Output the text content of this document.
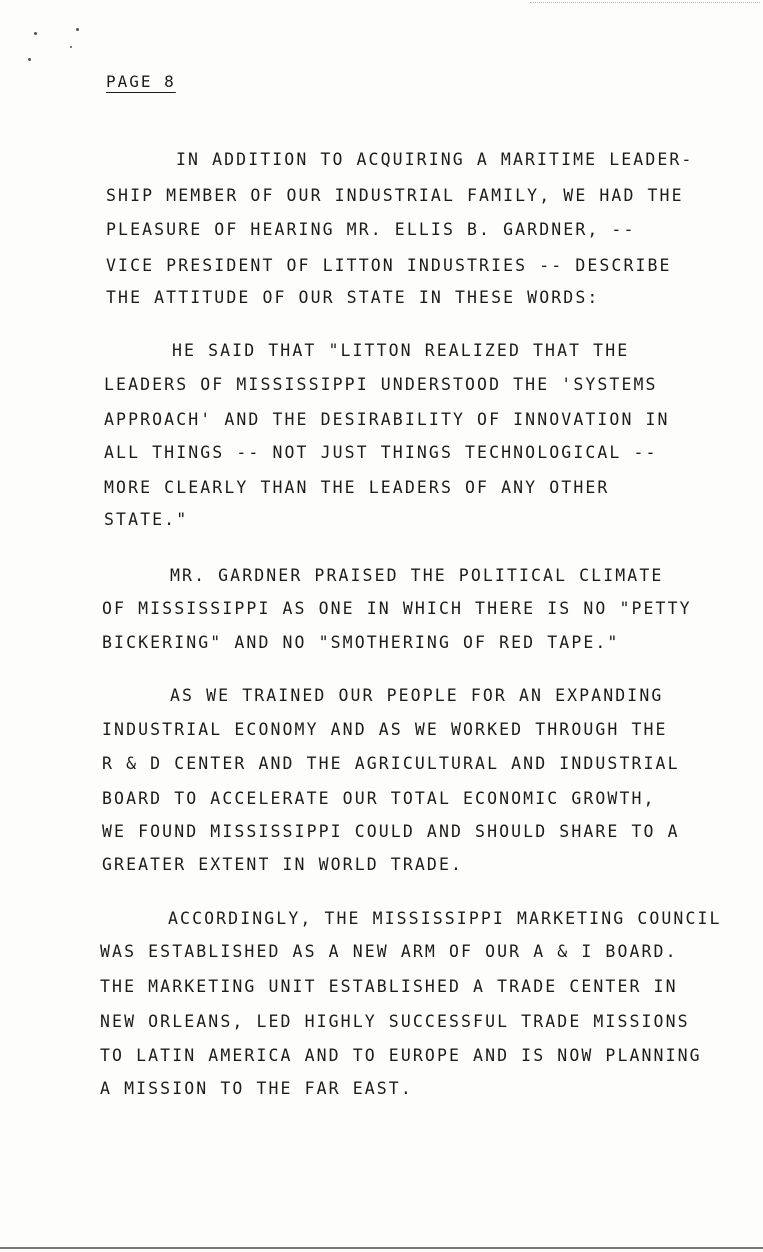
PAGE 8
IN ADDITION TO ACQUIRING A MARITIME LEADER-
SHIP MEMBER OF OUR INDUSTRIAL FAMILY, WE HAD THE
PLEASURE OF HEARING MR. ELLIS B. GARDNER, --
VICE PRESIDENT OF LITTON INDUSTRIES -- DESCRIBE
THE ATTITUDE OF OUR STATE IN THESE WORDS:
HE SAID THAT "LITTON REALIZED THAT THE
LEADERS OF MISSISSIPPI UNDERSTOOD THE 'SYSTEMS
APPROACH' AND THE DESIRABILITY OF INNOVATION IN
ALL THINGS -- NOT JUST THINGS TECHNOLOGICAL --
MORE CLEARLY THAN THE LEADERS OF ANY OTHER
STATE."
MR. GARDNER PRAISED THE POLITICAL CLIMATE
OF MISSISSIPPI AS ONE IN WHICH THERE IS NO "PETTY
BICKERING" AND NO "SMOTHERING OF RED TAPE."
AS WE TRAINED OUR PEOPLE FOR AN EXPANDING
INDUSTRIAL ECONOMY AND AS WE WORKED THROUGH THE
R & D CENTER AND THE AGRICULTURAL AND INDUSTRIAL
BOARD TO ACCELERATE OUR TOTAL ECONOMIC GROWTH,
WE FOUND MISSISSIPPI COULD AND SHOULD SHARE TO A
GREATER EXTENT IN WORLD TRADE.
ACCORDINGLY, THE MISSISSIPPI MARKETING COUNCIL
WAS ESTABLISHED AS A NEW ARM OF OUR A & I BOARD.
THE MARKETING UNIT ESTABLISHED A TRADE CENTER IN
NEW ORLEANS, LED HIGHLY SUCCESSFUL TRADE MISSIONS
TO LATIN AMERICA AND TO EUROPE AND IS NOW PLANNING
A MISSION TO THE FAR EAST.
